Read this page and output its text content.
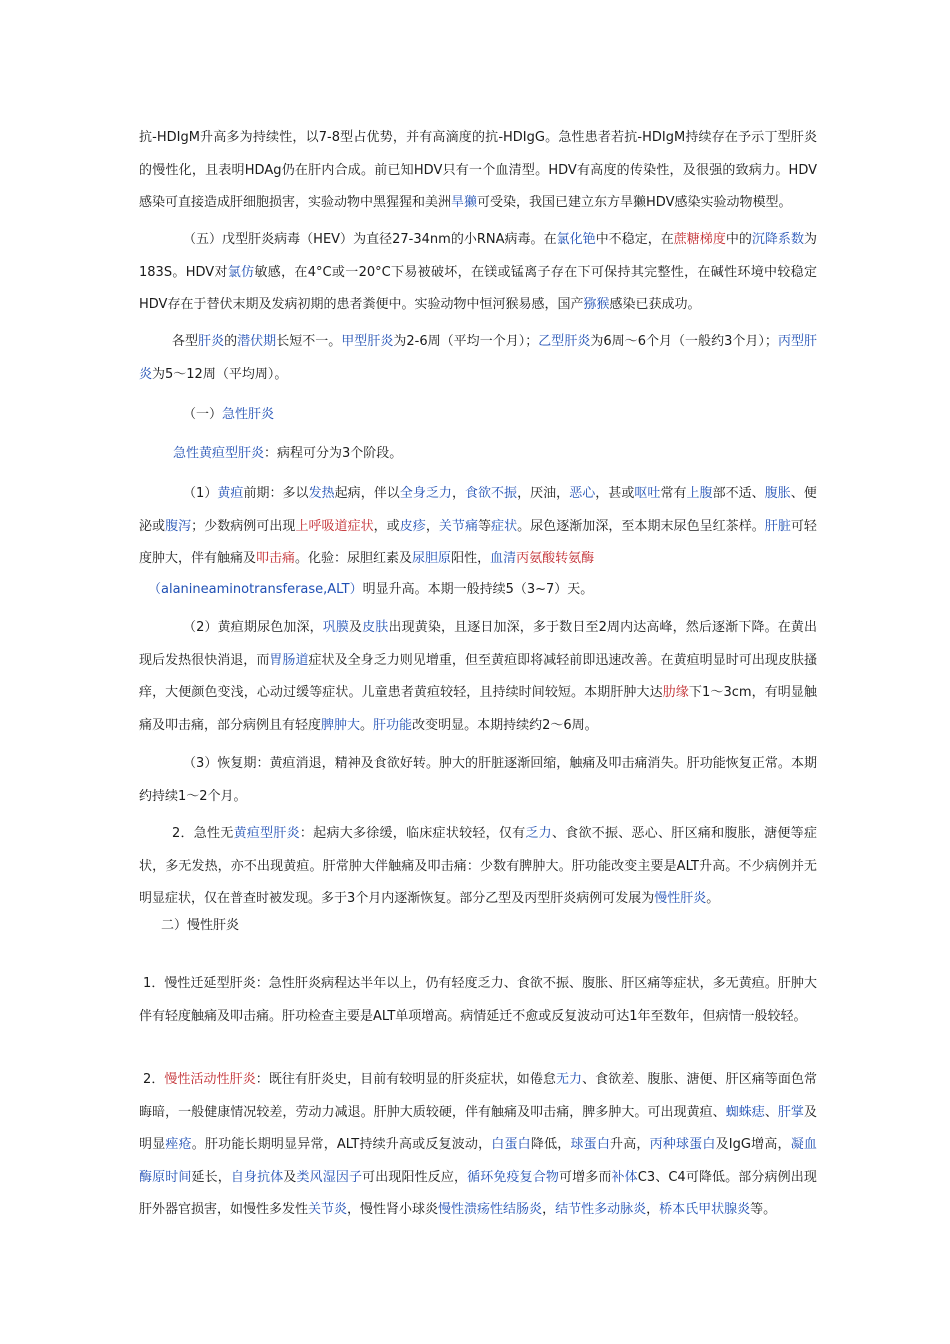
抗-HDIgM升高多为持续性，以7-8型占优势，并有高滴度的抗-HDIgG。急性患者若抗-HDIgM持续存在予示丁型肝炎的慢性化，且表明HDAg仍在肝内合成。前已知HDV只有一个血清型。HDV有高度的传染性，及很强的致病力。HDV感染可直接造成肝细胞损害，实验动物中黑猩猩和美洲旱獭可受染，我国已建立东方旱獭HDV感染实验动物模型。

（五）戊型肝炎病毒（HEV）为直径27-34nm的小RNA病毒。在氯化铯中不稳定，在蔗糖梯度中的沉降系数为183S。HDV对氯仿敏感，在4°C或一20°C下易被破坏，在镁或锰离子存在下可保持其完整性，在碱性环境中较稳定HDV存在于替伏末期及发病初期的患者粪便中。实验动物中恒河猴易感，国产猕猴感染已获成功。

各型肝炎的潜伏期长短不一。甲型肝炎为2-6周（平均一个月）；乙型肝炎为6周〜6个月（一般约3个月）；丙型肝炎为5〜12周（平均周）。

（一）急性肝炎

急性黄疸型肝炎：病程可分为3个阶段。

（1）黄疸前期：多以发热起病，伴以全身乏力，食欲不振，厌油，恶心，甚或呕吐常有上腹部不适、腹胀、便泌或腹泻；少数病例可出现上呼吸道症状，或皮疹，关节痛等症状。尿色逐渐加深，至本期末尿色呈红茶样。肝脏可轻度肿大，伴有触痛及叩击痛。化验：尿胆红素及尿胆原阳性，血清丙氨酸转氨酶

（alanineaminotransferase,ALT）明显升高。本期一般持续5（3~7）天。

（2）黄疸期尿色加深，巩膜及皮肤出现黄染，且逐日加深，多于数日至2周内达高峰，然后逐渐下降。在黄出现后发热很快消退，而胃肠道症状及全身乏力则见增重，但至黄疸即将减轻前即迅速改善。在黄疸明显时可出现皮肤搔痒，大便颜色变浅，心动过缓等症状。儿童患者黄疸较轻，且持续时间较短。本期肝肿大达肋缘下1〜3cm，有明显触痛及叩击痛，部分病例且有轻度脾肿大。肝功能改变明显。本期持续约2〜6周。

（3）恢复期：黄疸消退，精神及食欲好转。肿大的肝脏逐渐回缩，触痛及叩击痛消失。肝功能恢复正常。本期约持续1〜2个月。

2．急性无黄疸型肝炎：起病大多徐缓，临床症状较轻，仅有乏力、食欲不振、恶心、肝区痛和腹胀，溏便等症状，多无发热，亦不出现黄疸。肝常肿大伴触痛及叩击痛：少数有脾肿大。肝功能改变主要是ALT升高。不少病例并无明显症状，仅在普查时被发现。多于3个月内逐渐恢复。部分乙型及丙型肝炎病例可发展为慢性肝炎。

二）慢性肝炎

1．慢性迁延型肝炎：急性肝炎病程达半年以上，仍有轻度乏力、食欲不振、腹胀、肝区痛等症状，多无黄疸。肝肿大伴有轻度触痛及叩击痛。肝功检查主要是ALT单项增高。病情延迁不愈或反复波动可达1年至数年，但病情一般较轻。

2．慢性活动性肝炎：既往有肝炎史，目前有较明显的肝炎症状，如倦怠无力、食欲差、腹胀、溏便、肝区痛等面色常晦暗，一般健康情况较差，劳动力减退。肝肿大质较硬，伴有触痛及叩击痛，脾多肿大。可出现黄疸、蜘蛛痣、肝掌及明显痤疮。肝功能长期明显异常，ALT持续升高或反复波动，白蛋白降低，球蛋白升高，丙种球蛋白及IgG增高，凝血酶原时间延长，自身抗体及类风湿因子可出现阳性反应，循环免疫复合物可增多而补体C3、C4可降低。部分病例出现肝外器官损害，如慢性多发性关节炎，慢性肾小球炎慢性溃疡性结肠炎，结节性多动脉炎，桥本氏甲状腺炎等。
